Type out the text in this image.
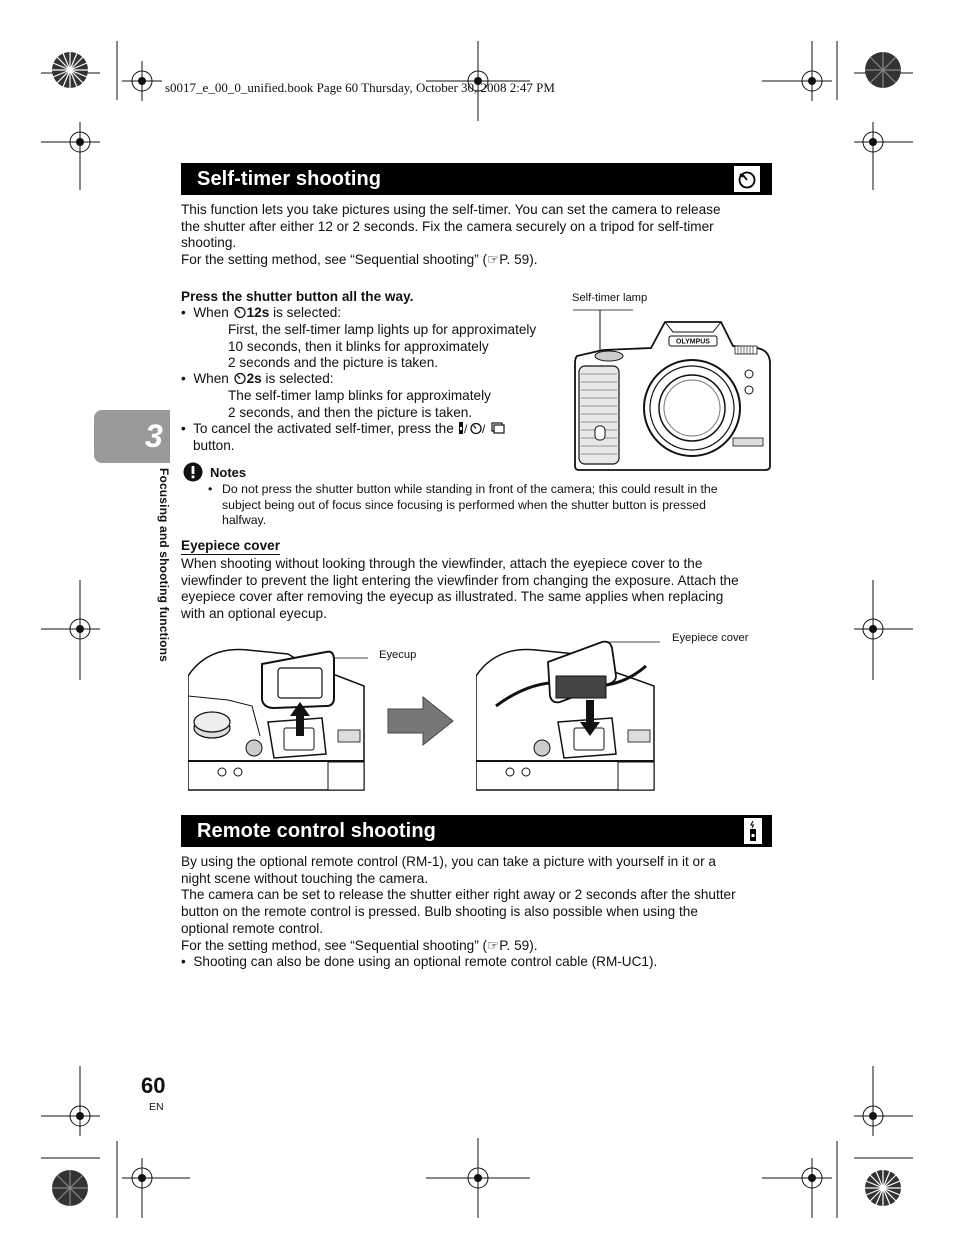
s0017_e_00_0_unified.book Page 60 Thursday, October 30, 2008 2:47 PM
3
Focusing and shooting functions
Self-timer shooting
This function lets you take pictures using the self-timer. You can set the camera to release
the shutter after either 12 or 2 seconds. Fix the camera securely on a tripod for self-timer
shooting.
For the setting method, see “Sequential shooting” (☞P. 59).
Press the shutter button all the way.
•  When 12s is selected:
First, the self-timer lamp lights up for approximately
10 seconds, then it blinks for approximately
2 seconds and the picture is taken.
•  When 2s is selected:
The self-timer lamp blinks for approximately
2 seconds, and then the picture is taken.
•  To cancel the activated self-timer, press the / /
button.
Self-timer lamp
OLYMPUS
Notes
• Do not press the shutter button while standing in front of the camera; this could result in the
subject being out of focus since focusing is performed when the shutter button is pressed
halfway.
Eyepiece cover
When shooting without looking through the viewfinder, attach the eyepiece cover to the
viewfinder to prevent the light entering the viewfinder from changing the exposure. Attach the
eyepiece cover after removing the eyecup as illustrated. The same applies when replacing
with an optional eyecup.
Eyecup
Eyepiece cover
Remote control shooting
By using the optional remote control (RM-1), you can take a picture with yourself in it or a
night scene without touching the camera.
The camera can be set to release the shutter either right away or 2 seconds after the shutter
button on the remote control is pressed. Bulb shooting is also possible when using the
optional remote control.
For the setting method, see “Sequential shooting” (☞P. 59).
•  Shooting can also be done using an optional remote control cable (RM-UC1).
60
EN
